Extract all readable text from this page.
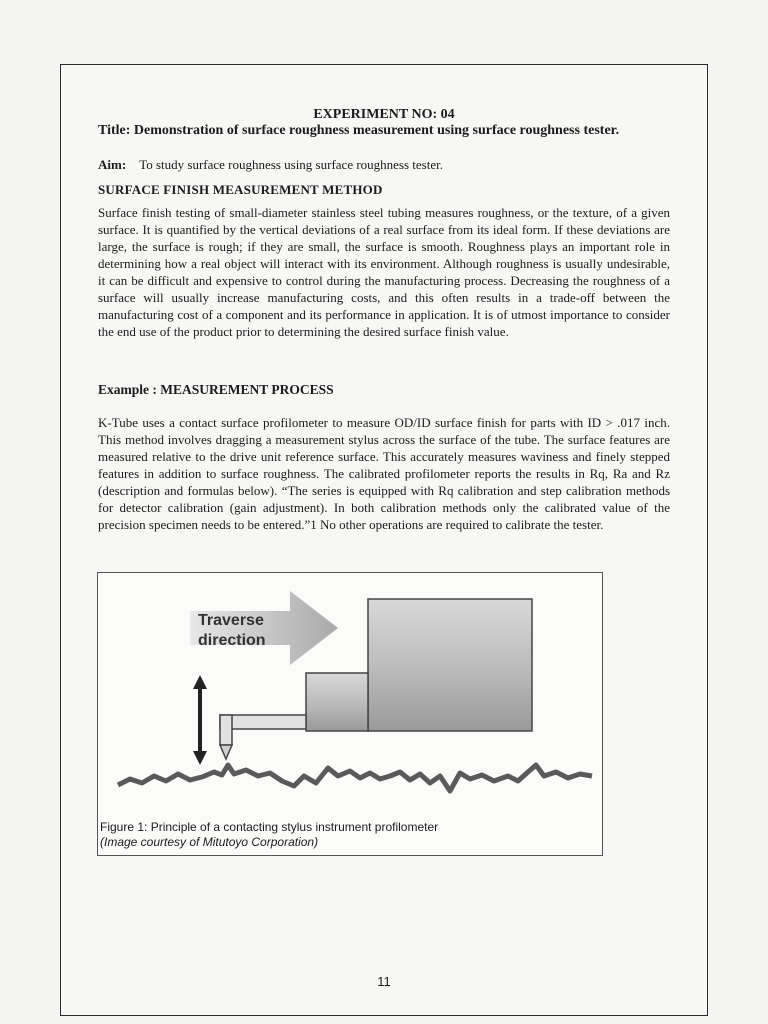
EXPERIMENT NO: 04
Title: Demonstration of surface roughness measurement using surface roughness tester.
Aim: To study surface roughness using surface roughness tester.
SURFACE FINISH MEASUREMENT METHOD
Surface finish testing of small-diameter stainless steel tubing measures roughness, or the texture, of a given surface. It is quantified by the vertical deviations of a real surface from its ideal form. If these deviations are large, the surface is rough; if they are small, the surface is smooth. Roughness plays an important role in determining how a real object will interact with its environment. Although roughness is usually undesirable, it can be difficult and expensive to control during the manufacturing process. Decreasing the roughness of a surface will usually increase manufacturing costs, and this often results in a trade-off between the manufacturing cost of a component and its performance in application. It is of utmost importance to consider the end use of the product prior to determining the desired surface finish value.
Example : MEASUREMENT PROCESS
K-Tube uses a contact surface profilometer to measure OD/ID surface finish for parts with ID > .017 inch. This method involves dragging a measurement stylus across the surface of the tube. The surface features are measured relative to the drive unit reference surface. This accurately measures waviness and finely stepped features in addition to surface roughness. The calibrated profilometer reports the results in Rq, Ra and Rz (description and formulas below). “The series is equipped with Rq calibration and step calibration methods for detector calibration (gain adjustment). In both calibration methods only the calibrated value of the precision specimen needs to be entered.”1 No other operations are required to calibrate the tester.
Traverse
direction
Figure 1: Principle of a contacting stylus instrument profilometer
(Image courtesy of Mitutoyo Corporation)
11
